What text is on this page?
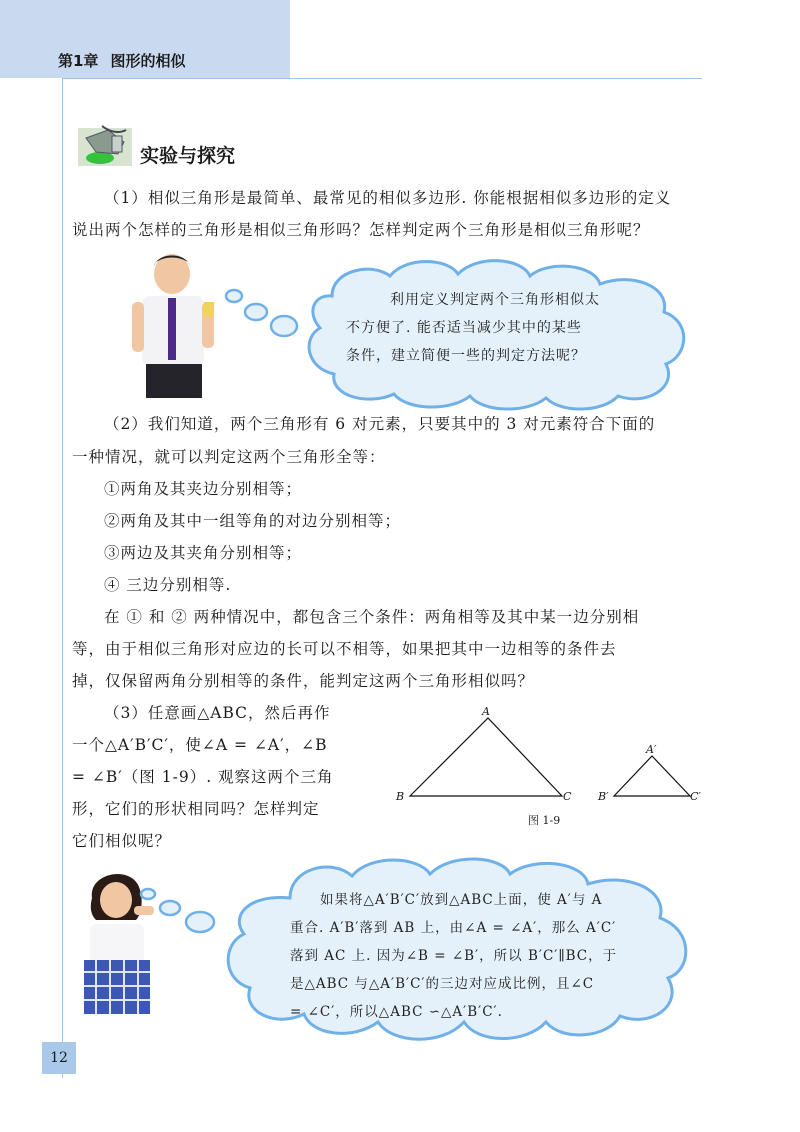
第1章 图形的相似
实验与探究
（1）相似三角形是最简单、最常见的相似多边形. 你能根据相似多边形的定义
说出两个怎样的三角形是相似三角形吗？怎样判定两个三角形是相似三角形呢？
利用定义判定两个三角形相似太
不方便了. 能否适当减少其中的某些
条件，建立简便一些的判定方法呢？
（2）我们知道，两个三角形有 6 对元素，只要其中的 3 对元素符合下面的
一种情况，就可以判定这两个三角形全等：
①两角及其夹边分别相等；
②两角及其中一组等角的对边分别相等；
③两边及其夹角分别相等；
④ 三边分别相等.
在 ① 和 ② 两种情况中，都包含三个条件：两角相等及其中某一边分别相
等，由于相似三角形对应边的长可以不相等，如果把其中一边相等的条件去
掉，仅保留两角分别相等的条件，能判定这两个三角形相似吗？
（3）任意画△ABC，然后再作
一个△A′B′C′，使∠A = ∠A′，∠B
= ∠B′（图 1-9）. 观察这两个三角
形，它们的形状相同吗？怎样判定
它们相似呢？
A
B	C
A′
B′	C′
图 1-9
如果将△A′B′C′放到△ABC上面，使 A′与 A
重合. A′B′落到 AB 上，由∠A = ∠A′，那么 A′C′
落到 AC 上. 因为∠B = ∠B′，所以 B′C′∥BC，于
是△ABC 与△A′B′C′的三边对应成比例，且∠C
= ∠C′，所以△ABC ∽△A′B′C′.
12
